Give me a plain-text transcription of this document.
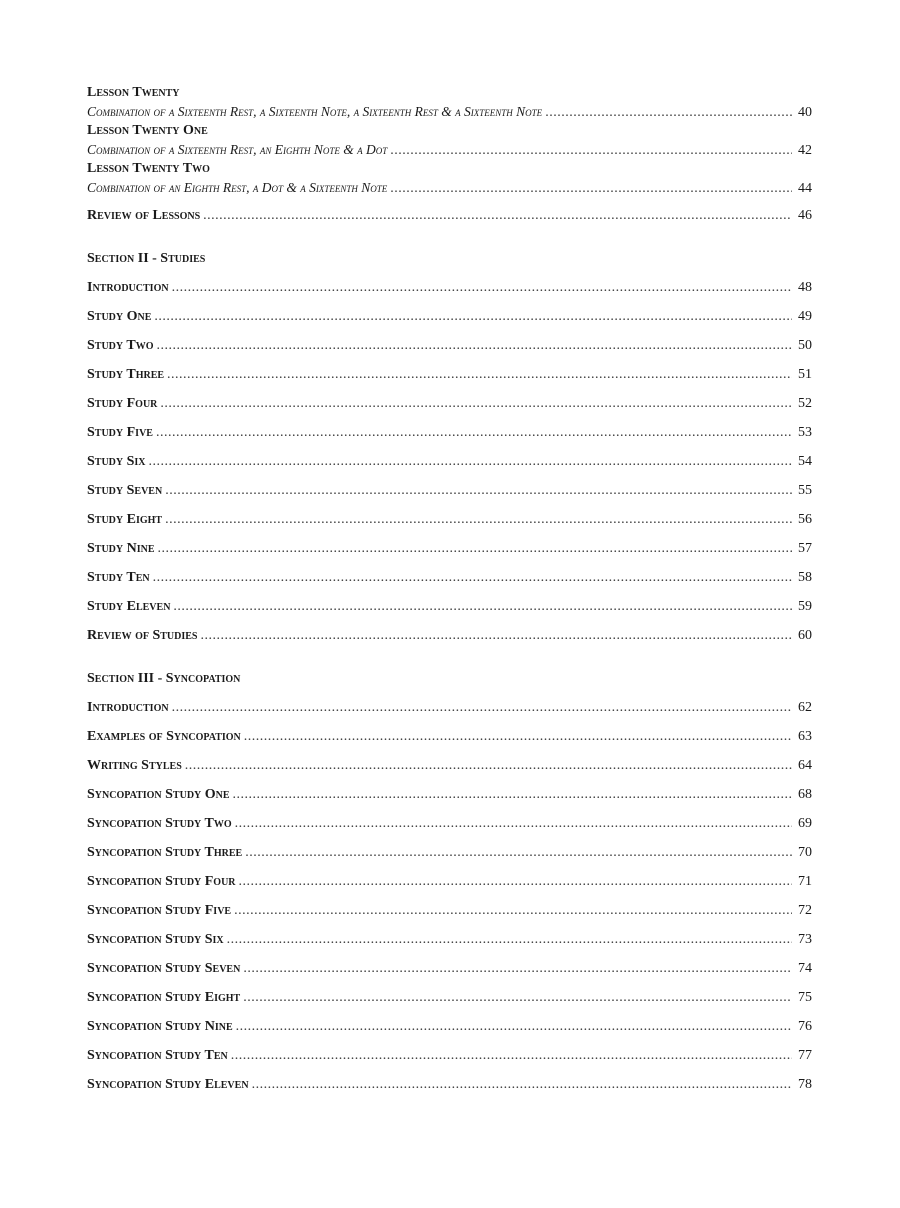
Lesson Twenty
Combination of a Sixteenth Rest, a Sixteenth Note, a Sixteenth Rest & a Sixteenth Note .....	40
Lesson Twenty One
Combination of a Sixteenth Rest, an Eighth Note & a Dot .....	42
Lesson Twenty Two
Combination of an Eighth Rest, a Dot & a Sixteenth Note .....	44
Review of Lessons .....	46
Section II - Studies
Introduction .....	48
Study One .....	49
Study Two .....	50
Study Three .....	51
Study Four .....	52
Study Five .....	53
Study Six .....	54
Study Seven .....	55
Study Eight .....	56
Study Nine .....	57
Study Ten .....	58
Study Eleven .....	59
Review of Studies .....	60
Section III - Syncopation
Introduction .....	62
Examples of Syncopation .....	63
Writing Styles .....	64
Syncopation Study One .....	68
Syncopation Study Two .....	69
Syncopation Study Three .....	70
Syncopation Study Four .....	71
Syncopation Study Five .....	72
Syncopation Study Six .....	73
Syncopation Study Seven .....	74
Syncopation Study Eight .....	75
Syncopation Study Nine .....	76
Syncopation Study Ten .....	77
Syncopation Study Eleven .....	78
